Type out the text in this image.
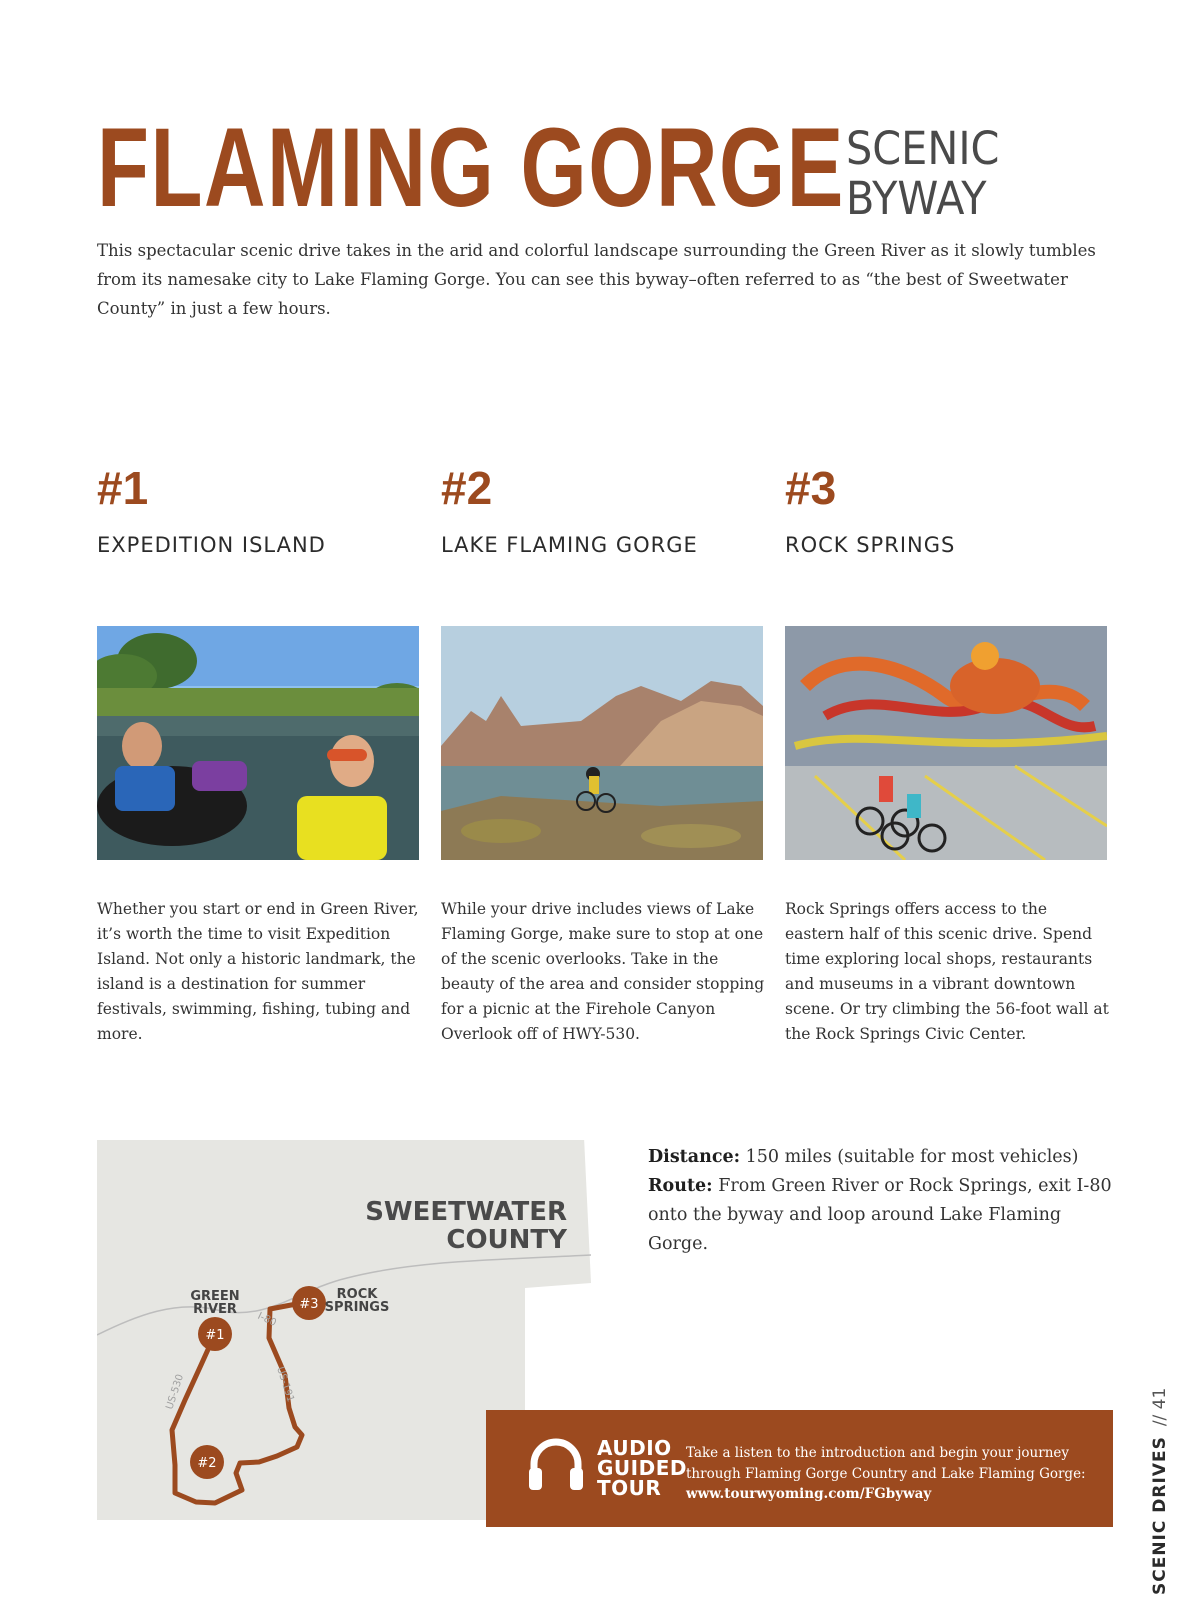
FLAMING GORGE SCENIC
BYWAY

This spectacular scenic drive takes in the arid and colorful landscape surrounding the Green River as it slowly tumbles from its namesake city to Lake Flaming Gorge. You can see this byway–often referred to as “the best of Sweetwater County” in just a few hours.

#1
EXPEDITION ISLAND
#2
LAKE FLAMING GORGE
#3
ROCK SPRINGS

Whether you start or end in Green River, it’s worth the time to visit Expedition Island. Not only a historic landmark, the island is a destination for summer festivals, swimming, fishing, tubing and more.

While your drive includes views of Lake Flaming Gorge, make sure to stop at one of the scenic overlooks. Take in the beauty of the area and consider stopping for a picnic at the Firehole Canyon Overlook off of HWY-530.

Rock Springs offers access to the eastern half of this scenic drive. Spend time exploring local shops, restaurants and museums in a vibrant downtown scene. Or try climbing the 56-foot wall at the Rock Springs Civic Center.

Distance: 150 miles (suitable for most vehicles)
Route: From Green River or Rock Springs, exit I-80 onto the byway and loop around Lake Flaming Gorge.

SWEETWATER
COUNTY
#1
#2
#3
GREEN
RIVER
ROCK
SPRINGS
I-80
US-530	US-191
AUDIO
GUIDED
TOUR
Take a listen to the introduction and begin your journey
through Flaming Gorge Country and Lake Flaming Gorge:
www.tourwyoming.com/FGbyway	SCENIC DRIVES// 41
